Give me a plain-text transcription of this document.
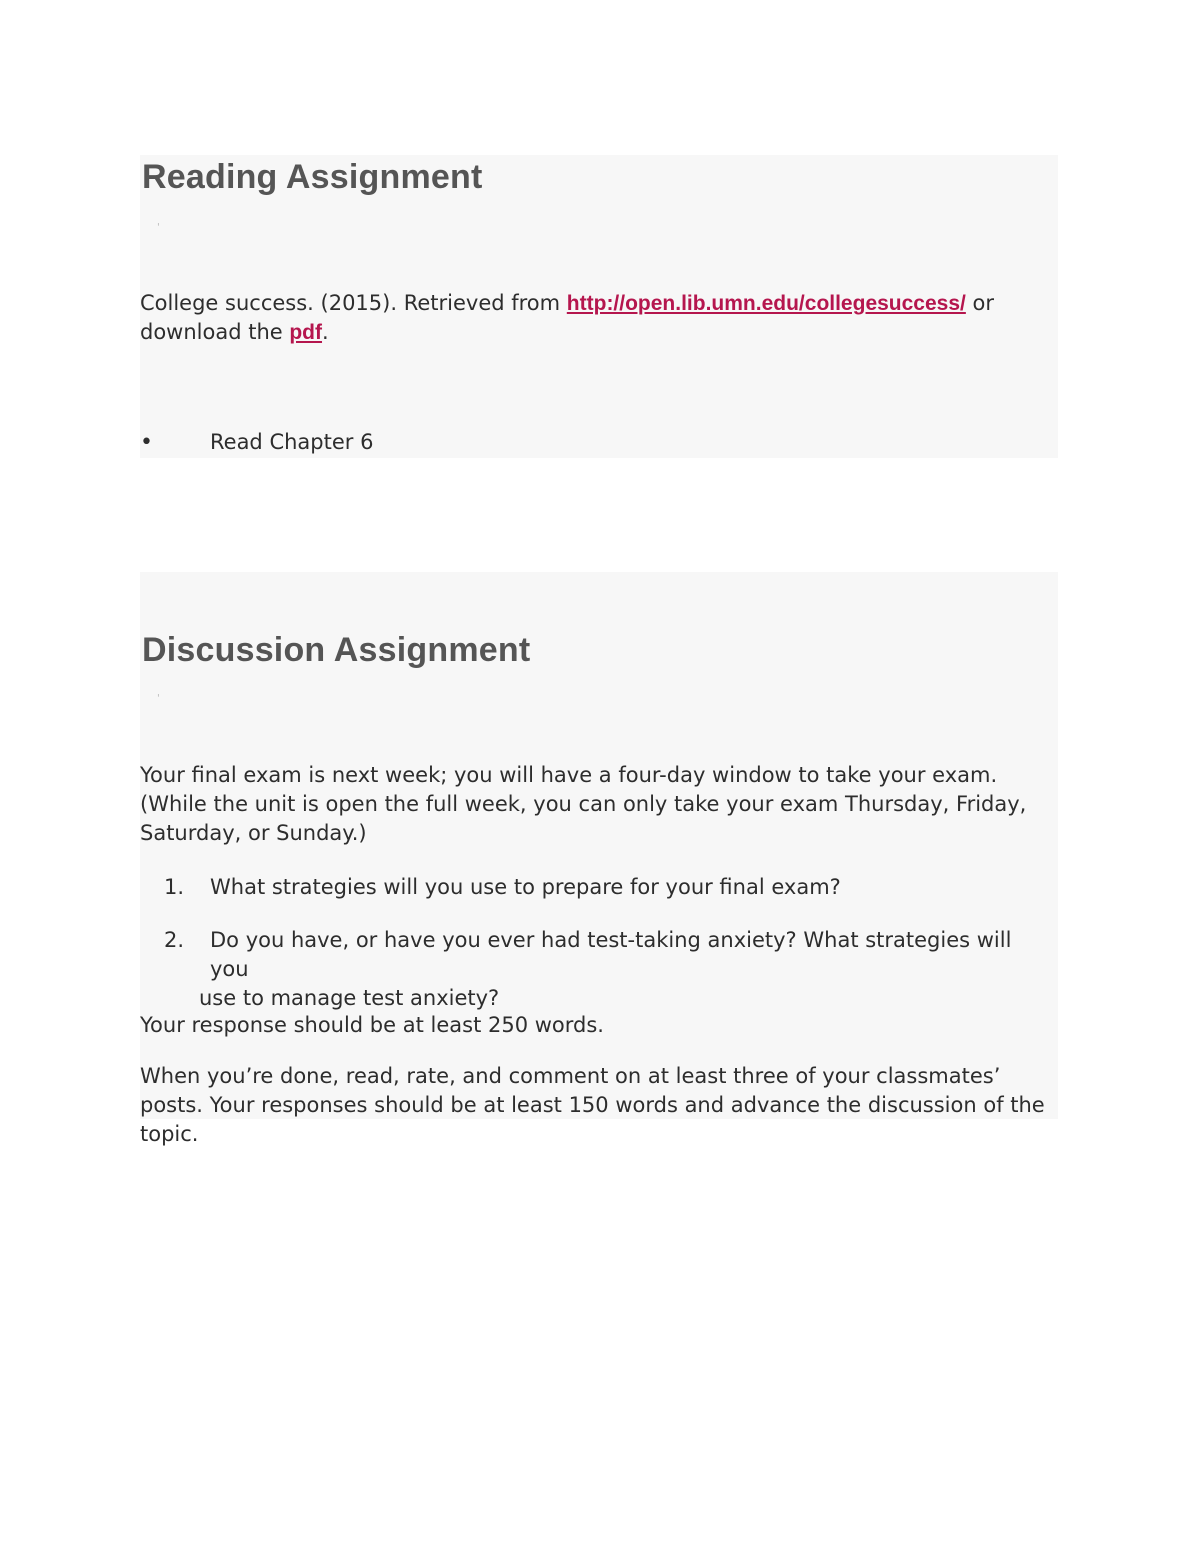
Reading Assignment
'

College success. (2015). Retrieved from http://open.lib.umn.edu/collegesuccess/ or download the pdf.

•	Read Chapter 6
Discussion Assignment
'

Your final exam is next week; you will have a four-day window to take your exam. (While the unit is open the full week, you can only take your exam Thursday, Friday, Saturday, or Sunday.)

1.	What strategies will you use to prepare for your final exam?
2.	Do you have, or have you ever had test-taking anxiety? What strategies will you
use to manage test anxiety?

Your response should be at least 250 words.

When you’re done, read, rate, and comment on at least three of your classmates’ posts. Your responses should be at least 150 words and advance the discussion of the topic.
